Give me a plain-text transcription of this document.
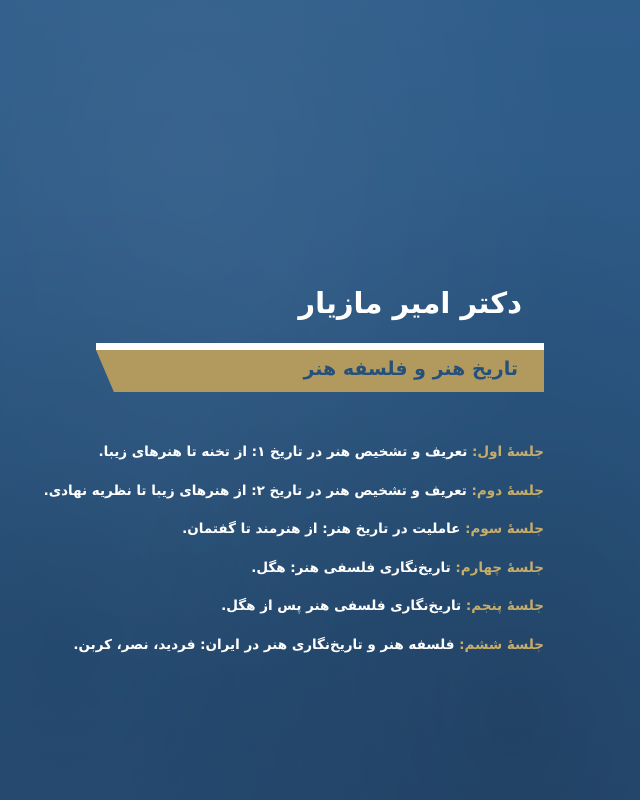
دکتر امیر مازیار
تاریخ هنر و فلسفه هنر
جلسهٔ اول: تعریف و تشخیص هنر در تاریخ ۱: از تخنه تا هنرهای زیبا.
جلسهٔ دوم: تعریف و تشخیص هنر در تاریخ ۲: از هنرهای زیبا تا نظریه نهادی.
جلسهٔ سوم: عاملیت در تاریخ هنر: از هنرمند تا گفتمان.
جلسهٔ چهارم: تاریخ‌نگاری فلسفی هنر: هگل.
جلسهٔ پنجم: تاریخ‌نگاری فلسفی هنر پس از هگل.
جلسهٔ ششم: فلسفه هنر و تاریخ‌نگاری هنر در ایران: فردید، نصر، کربن.
